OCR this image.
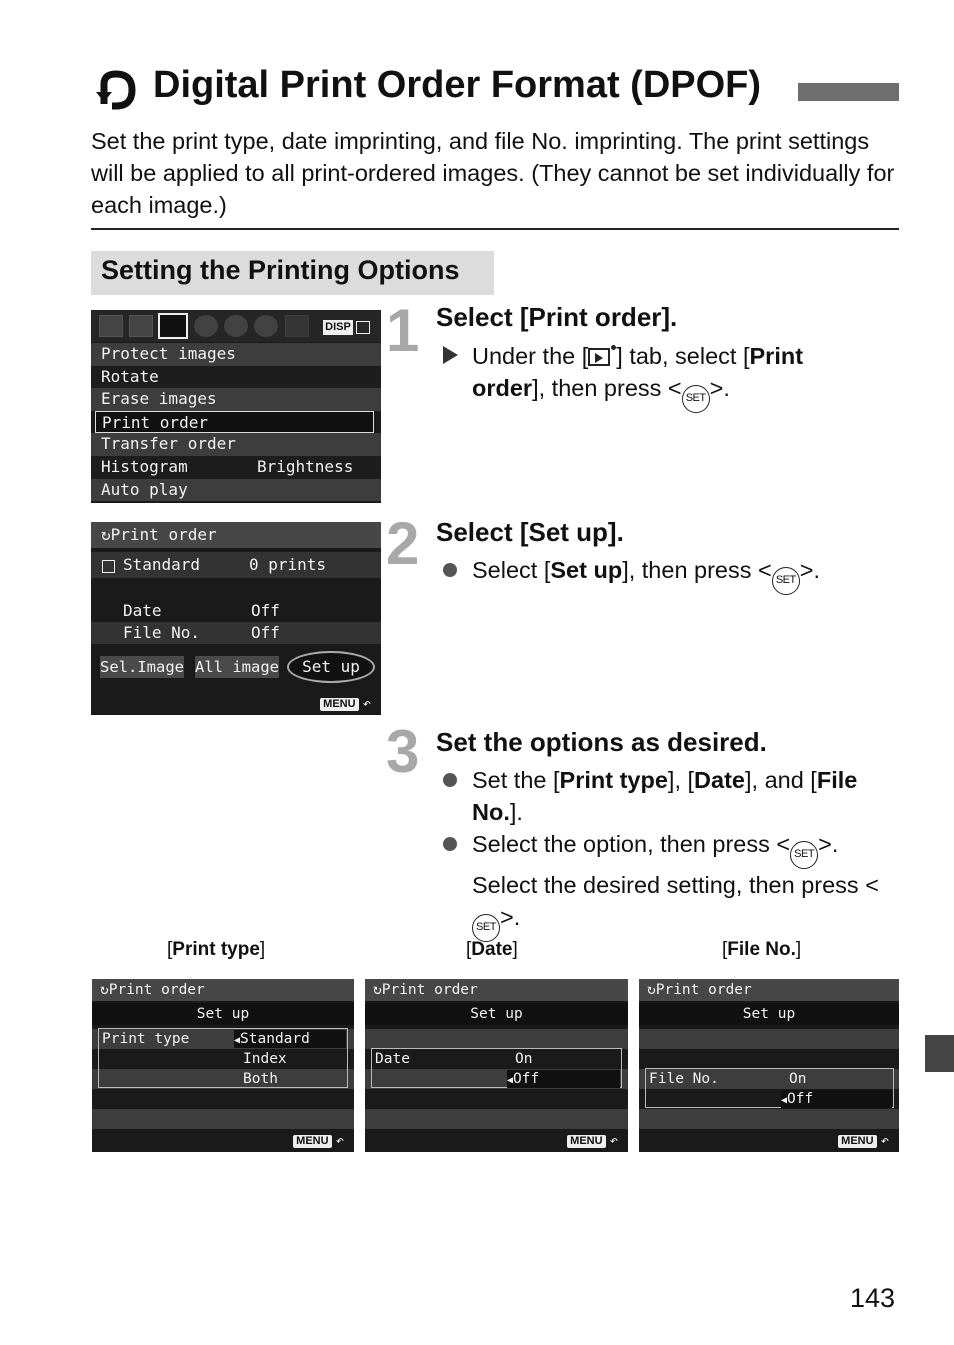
Digital Print Order Format (DPOF)
Set the print type, date imprinting, and file No. imprinting. The print settings will be applied to all print-ordered images. (They cannot be set individually for each image.)
Setting the Printing Options
DISP
Protect images
Rotate
Erase images
Print order
Transfer order
Histogram	Brightness
Auto play
↻Print order
Standard	0 prints
Date	Off
File No.	Off
Sel.Image All image	Set up
MENU ↶
1 Select [Print order].
Under the [ ] tab, select [Print order], then press < SET >.
2 Select [Set up].
Select [Set up], then press < SET >.
3 Set the options as desired.
Set the [Print type], [Date], and [File No.].
Select the option, then press < SET >. Select the desired setting, then press <SET >.
[Print type]	[Date]	[File No.]
↻Print order
Set up
Print type	◀Standard
Index
Both
MENU ↶
↻Print order
Set up
Date	On
◀Off
MENU ↶
↻Print order
Set up
File No.	On
◀Off
MENU ↶
143
